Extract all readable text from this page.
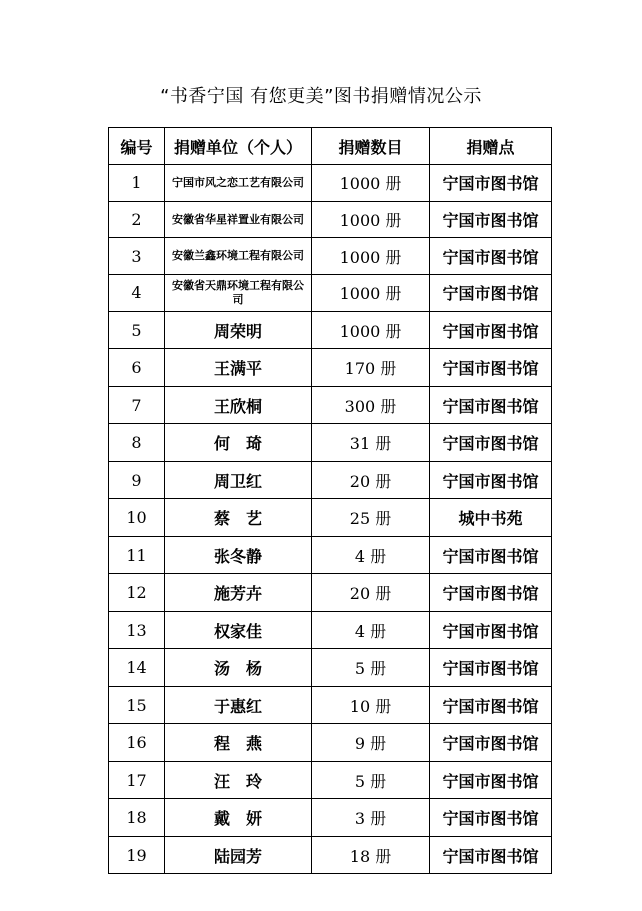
“书香宁国 有您更美”图书捐赠情况公示
编号	捐赠单位（个人）	捐赠数目	捐赠点
1	宁国市风之恋工艺有限公司	1000 册	宁国市图书馆
2	安徽省华星祥置业有限公司	1000 册	宁国市图书馆
3	安徽兰鑫环境工程有限公司	1000 册	宁国市图书馆
4	安徽省天鼎环境工程有限公司	1000 册	宁国市图书馆
5	周荣明	1000 册	宁国市图书馆
6	王满平	170 册	宁国市图书馆
7	王欣桐	300 册	宁国市图书馆
8	何　琦	31 册	宁国市图书馆
9	周卫红	20 册	宁国市图书馆
10	蔡　艺	25 册	城中书苑
11	张冬静	4 册	宁国市图书馆
12	施芳卉	20 册	宁国市图书馆
13	权家佳	4 册	宁国市图书馆
14	汤　杨	5 册	宁国市图书馆
15	于惠红	10 册	宁国市图书馆
16	程　燕	9 册	宁国市图书馆
17	汪　玲	5 册	宁国市图书馆
18	戴　妍	3 册	宁国市图书馆
19	陆园芳	18 册	宁国市图书馆
